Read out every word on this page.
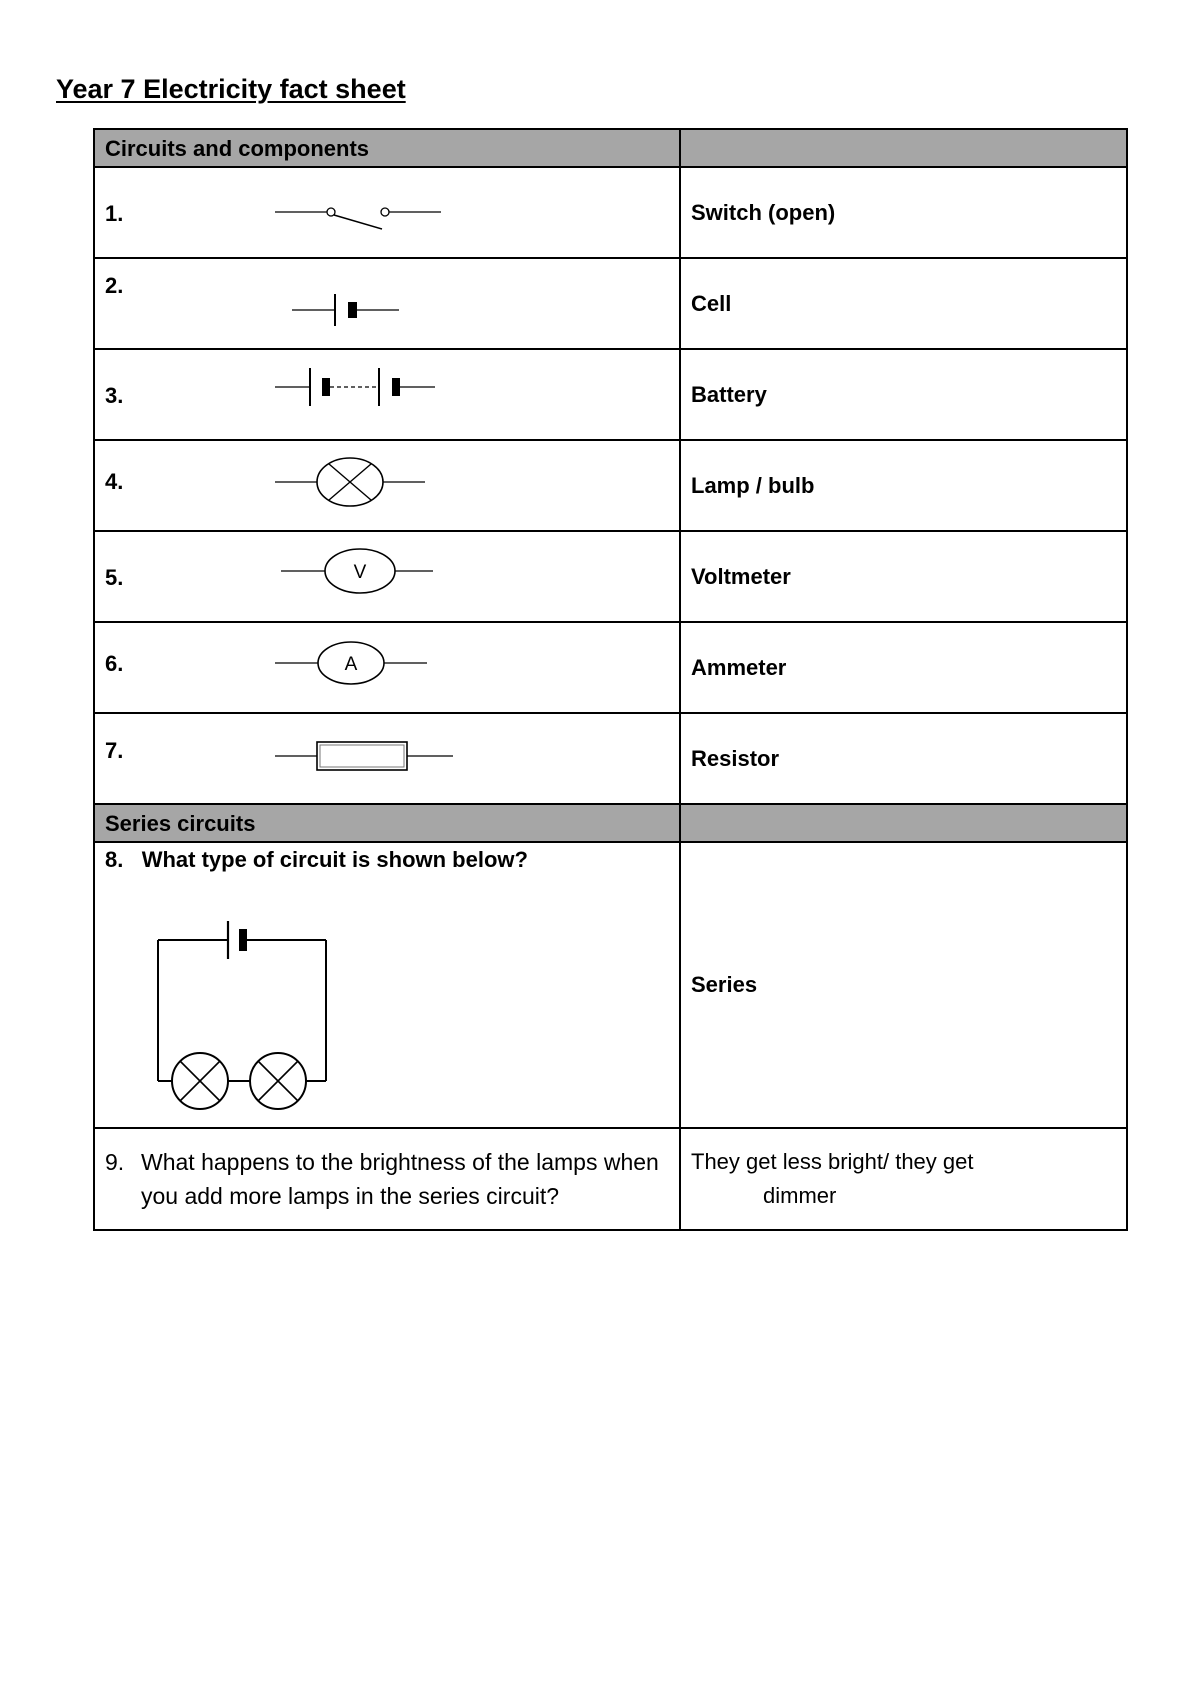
Year 7 Electricity fact sheet
Circuits and components	

1.	Switch (open)

2.	Cell

3.	Battery

4.	Lamp / bulb

5. V	Voltmeter

6. A	Ammeter

7.	Resistor
Series circuits	

8. What type of circuit is shown below?	Series

9. What happens to the brightness of the lamps when you add more lamps in the series circuit?	They get less bright/ they get
dimmer
